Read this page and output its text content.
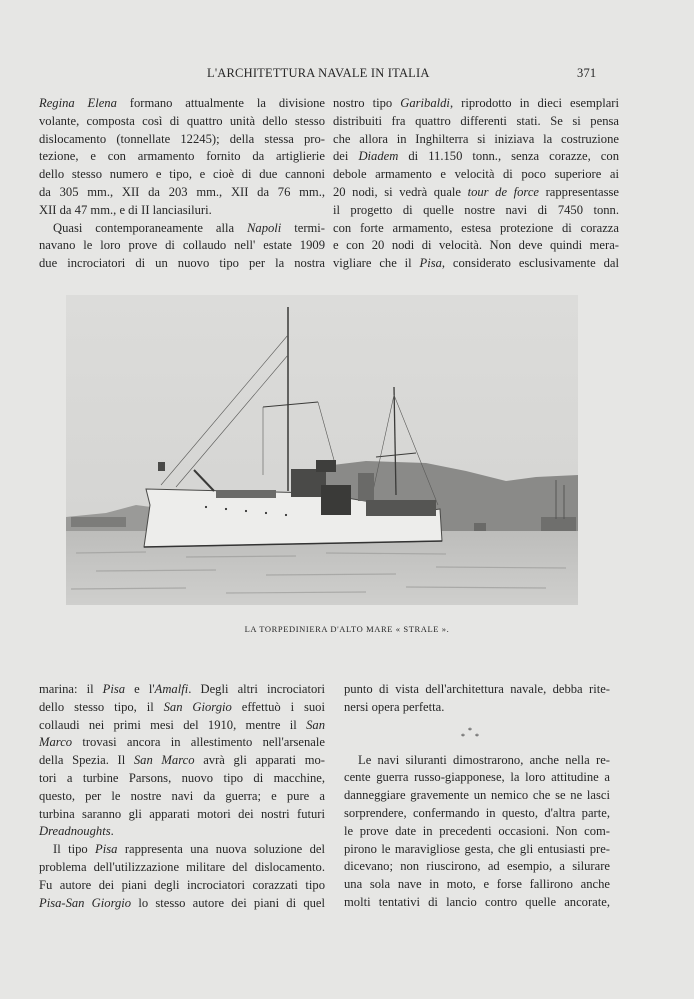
L'ARCHITETTURA NAVALE IN ITALIA	371
Regina Elena formano attualmente la divisione
volante, composta così di quattro unità dello stesso
dislocamento (tonnellate 12245); della stessa pro-
tezione, e con armamento fornito da artiglierie
dello stesso numero e tipo, e cioè di due cannoni
da 305 mm., XII da 203 mm., XII da 76 mm.,
XII da 47 mm., e di II lanciasiluri.
Quasi contemporaneamente alla Napoli termi-
navano le loro prove di collaudo nell' estate 1909
due incrociatori di un nuovo tipo per la nostra
nostro tipo Garibaldi, riprodotto in dieci esemplari
distribuiti fra quattro differenti stati. Se si pensa
che allora in Inghilterra si iniziava la costruzione
dei Diadem di 11.150 tonn., senza corazze, con
debole armamento e velocità di poco superiore ai
20 nodi, si vedrà quale tour de force rappresentasse
il progetto di quelle nostre navi di 7450 tonn.
con forte armamento, estesa protezione di corazza
e con 20 nodi di velocità. Non deve quindi mera-
vigliare che il Pisa, considerato esclusivamente dal
LA TORPEDINIERA D'ALTO MARE « STRALE ».
marina: il Pisa e l'Amalfi. Degli altri incrociatori
dello stesso tipo, il San Giorgio effettuò i suoi
collaudi nei primi mesi del 1910, mentre il San
Marco trovasi ancora in allestimento nell'arsenale
della Spezia. Il San Marco avrà gli apparati mo-
tori a turbine Parsons, nuovo tipo di macchine,
questo, per le nostre navi da guerra; e pure a
turbina saranno gli apparati motori dei nostri futuri
Dreadnoughts.
Il tipo Pisa rappresenta una nuova soluzione del
problema dell'utilizzazione militare del dislocamento.
Fu autore dei piani degli incrociatori corazzati tipo
Pisa-San Giorgio lo stesso autore dei piani di quel
punto di vista dell'architettura navale, debba rite-
nersi opera perfetta.
*
* *
Le navi siluranti dimostrarono, anche nella re-
cente guerra russo-giapponese, la loro attitudine a
danneggiare gravemente un nemico che se ne lasci
sorprendere, confermando in questo, d'altra parte,
le prove date in precedenti occasioni. Non com-
pirono le maravigliose gesta, che gli entusiasti pre-
dicevano; non riuscirono, ad esempio, a silurare
una sola nave in moto, e forse fallirono anche
molti tentativi di lancio contro quelle ancorate,
